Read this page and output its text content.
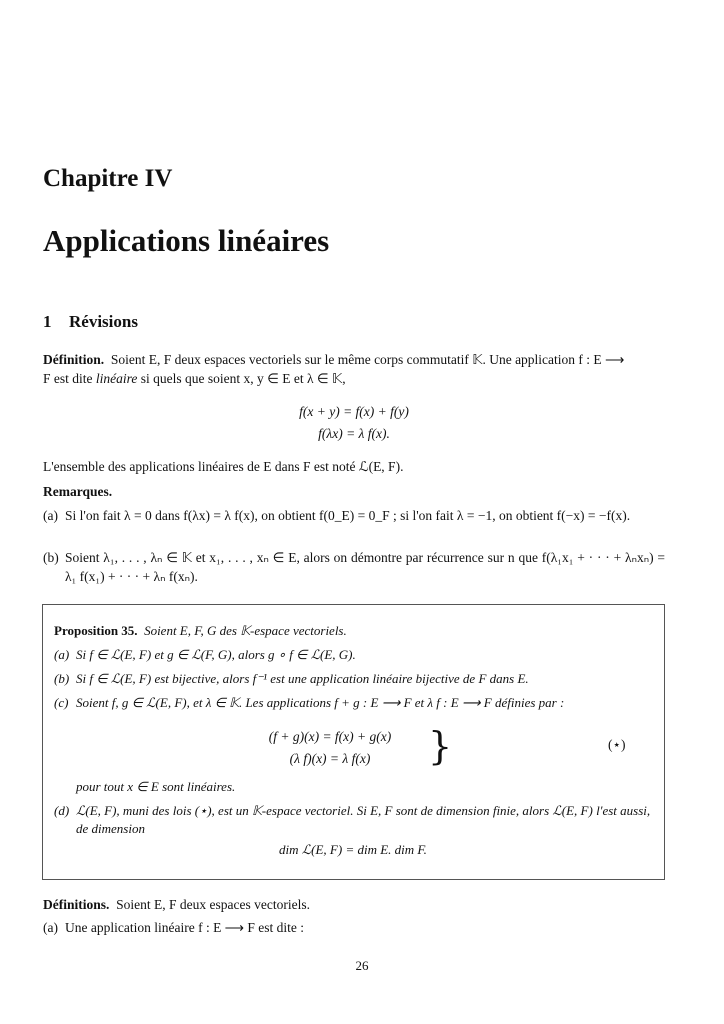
Chapitre IV
Applications linéaires
1 Révisions
Définition. Soient E, F deux espaces vectoriels sur le même corps commutatif 𝕂. Une application f : E ⟶
F est dite linéaire si quels que soient x, y ∈ E et λ ∈ 𝕂,
f(x + y) = f(x) + f(y)
f(λx) = λ f(x).
L'ensemble des applications linéaires de E dans F est noté ℒ(E, F).
Remarques.
(a) Si l'on fait λ = 0 dans f(λx) = λ f(x), on obtient f(0_E) = 0_F ; si l'on fait λ = −1, on obtient f(−x) = −f(x).
(b) Soient λ₁, . . . , λₙ ∈ 𝕂 et x₁, . . . , xₙ ∈ E, alors on démontre par récurrence sur n que f(λ₁x₁ + · · · + λₙxₙ) = λ₁ f(x₁) + · · · + λₙ f(xₙ).
Proposition 35. Soient E, F, G des 𝕂-espace vectoriels.
(a) Si f ∈ ℒ(E, F) et g ∈ ℒ(F, G), alors g ∘ f ∈ ℒ(E, G).
(b) Si f ∈ ℒ(E, F) est bijective, alors f⁻¹ est une application linéaire bijective de F dans E.
(c) Soient f, g ∈ ℒ(E, F), et λ ∈ 𝕂. Les applications f + g : E ⟶ F et λ f : E ⟶ F définies par :
(f + g)(x) = f(x) + g(x)
(λ f)(x) = λ f(x)	}	(⋆)
pour tout x ∈ E sont linéaires.
(d) ℒ(E, F), muni des lois (⋆), est un 𝕂-espace vectoriel. Si E, F sont de dimension finie, alors ℒ(E, F) l'est aussi, de dimension
dim ℒ(E, F) = dim E. dim F.
Définitions. Soient E, F deux espaces vectoriels.
(a) Une application linéaire f : E ⟶ F est dite :
26
